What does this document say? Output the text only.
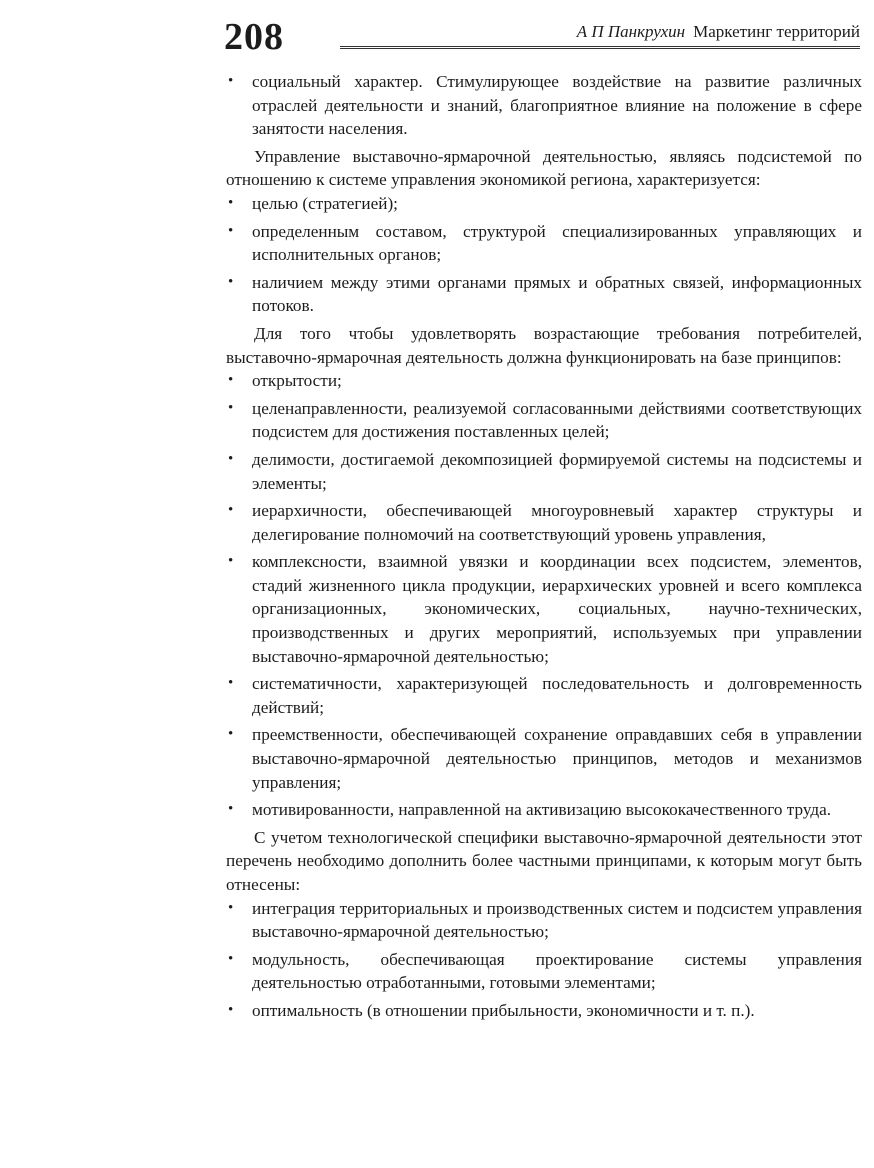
208	А П Панкрухин Маркетинг территорий
• социальный характер. Стимулирующее воздействие на развитие различных отраслей деятельности и знаний, благоприятное влияние на положение в сфере занятости населения.

Управление выставочно-ярмарочной деятельностью, являясь подсистемой по отношению к системе управления экономикой региона, характеризуется:

• целью (стратегией);
• определенным составом, структурой специализированных управляющих и исполнительных органов;
• наличием между этими органами прямых и обратных связей, информационных потоков.

Для того чтобы удовлетворять возрастающие требования потребителей, выставочно-ярмарочная деятельность должна функционировать на базе принципов:

• открытости;
• целенаправленности, реализуемой согласованными действиями соответствующих подсистем для достижения поставленных целей;
• делимости, достигаемой декомпозицией формируемой системы на подсистемы и элементы;
• иерархичности, обеспечивающей многоуровневый характер структуры и делегирование полномочий на соответствующий уровень управления,
• комплексности, взаимной увязки и координации всех подсистем, элементов, стадий жизненного цикла продукции, иерархических уровней и всего комплекса организационных, экономических, социальных, научно-технических, производственных и других мероприятий, используемых при управлении выставочно-ярмарочной деятельностью;
• систематичности, характеризующей последовательность и долговременность действий;
• преемственности, обеспечивающей сохранение оправдавших себя в управлении выставочно-ярмарочной деятельностью принципов, методов и механизмов управления;
• мотивированности, направленной на активизацию высококачественного труда.

С учетом технологической специфики выставочно-ярмарочной деятельности этот перечень необходимо дополнить более частными принципами, к которым могут быть отнесены:

• интеграция территориальных и производственных систем и подсистем управления выставочно-ярмарочной деятельностью;
• модульность, обеспечивающая проектирование системы управления деятельностью отработанными, готовыми элементами;
• оптимальность (в отношении прибыльности, экономичности и т. п.).
